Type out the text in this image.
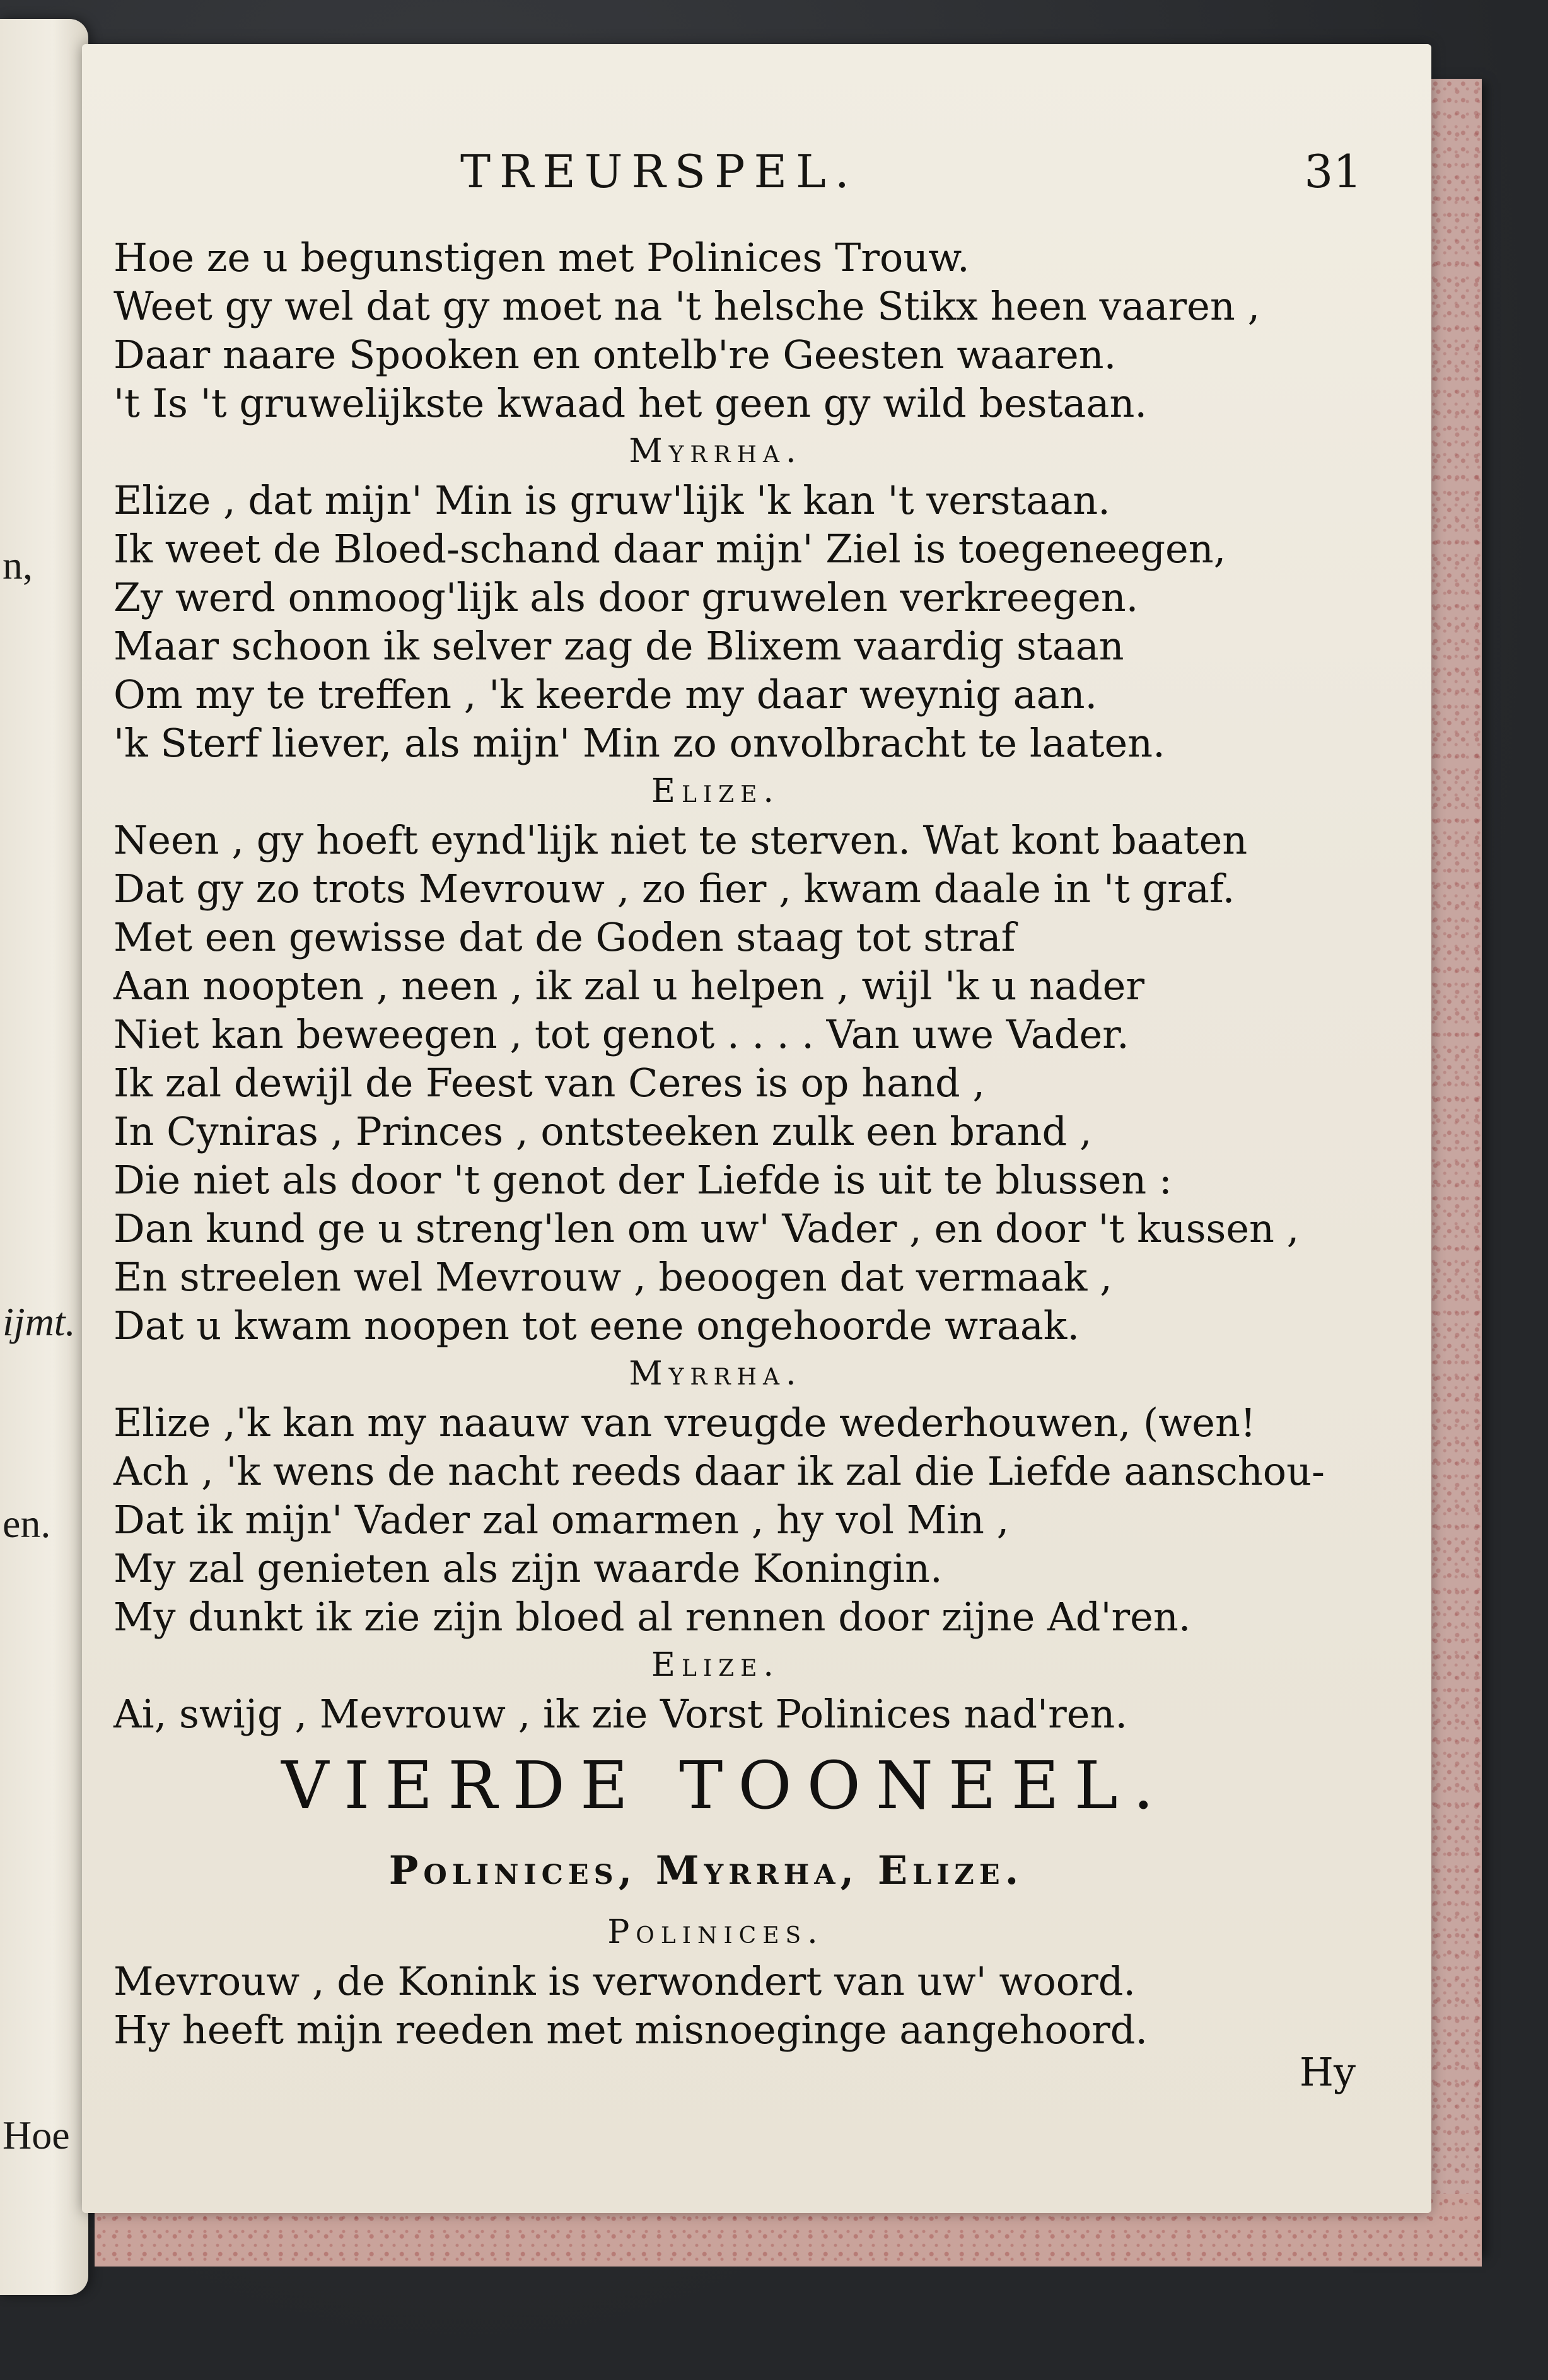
n,
ijmt.
en.
Hoe
TREURSPEL.	31
Hoe ze u begunstigen met Polinices Trouw.
Weet gy wel dat gy moet na 't helsche Stikx heen vaaren ,
Daar naare Spooken en ontelb're Geesten waaren.
't Is 't gruwelijkste kwaad het geen gy wild bestaan.
Myrrha.
Elize , dat mijn' Min is gruw'lijk 'k kan 't verstaan.
Ik weet de Bloed-schand daar mijn' Ziel is toegeneegen,
Zy werd onmoog'lijk als door gruwelen verkreegen.
Maar schoon ik selver zag de Blixem vaardig staan
Om my te treffen , 'k keerde my daar weynig aan.
'k Sterf liever, als mijn' Min zo onvolbracht te laaten.
Elize.
Neen , gy hoeft eynd'lijk niet te sterven. Wat kont baaten
Dat gy zo trots Mevrouw , zo fier , kwam daale in 't graf.
Met een gewisse dat de Goden staag tot straf
Aan noopten , neen , ik zal u helpen , wijl 'k u nader
Niet kan beweegen , tot genot . . . . Van uwe Vader.
Ik zal dewijl de Feest van Ceres is op hand ,
In Cyniras , Princes , ontsteeken zulk een brand ,
Die niet als door 't genot der Liefde is uit te blussen :
Dan kund ge u streng'len om uw' Vader , en door 't kussen ,
En streelen wel Mevrouw , beoogen dat vermaak ,
Dat u kwam noopen tot eene ongehoorde wraak.
Myrrha.
Elize ,'k kan my naauw van vreugde wederhouwen, (wen!
Ach , 'k wens de nacht reeds daar ik zal die Liefde aanschou-
Dat ik mijn' Vader zal omarmen , hy vol Min ,
My zal genieten als zijn waarde Koningin.
My dunkt ik zie zijn bloed al rennen door zijne Ad'ren.
Elize.
Ai, swijg , Mevrouw , ik zie Vorst Polinices nad'ren.
VIERDE TOONEEL.
Polinices, Myrrha, Elize.
Polinices.
Mevrouw , de Konink is verwondert van uw' woord.
Hy heeft mijn reeden met misnoeginge aangehoord.
Hy
